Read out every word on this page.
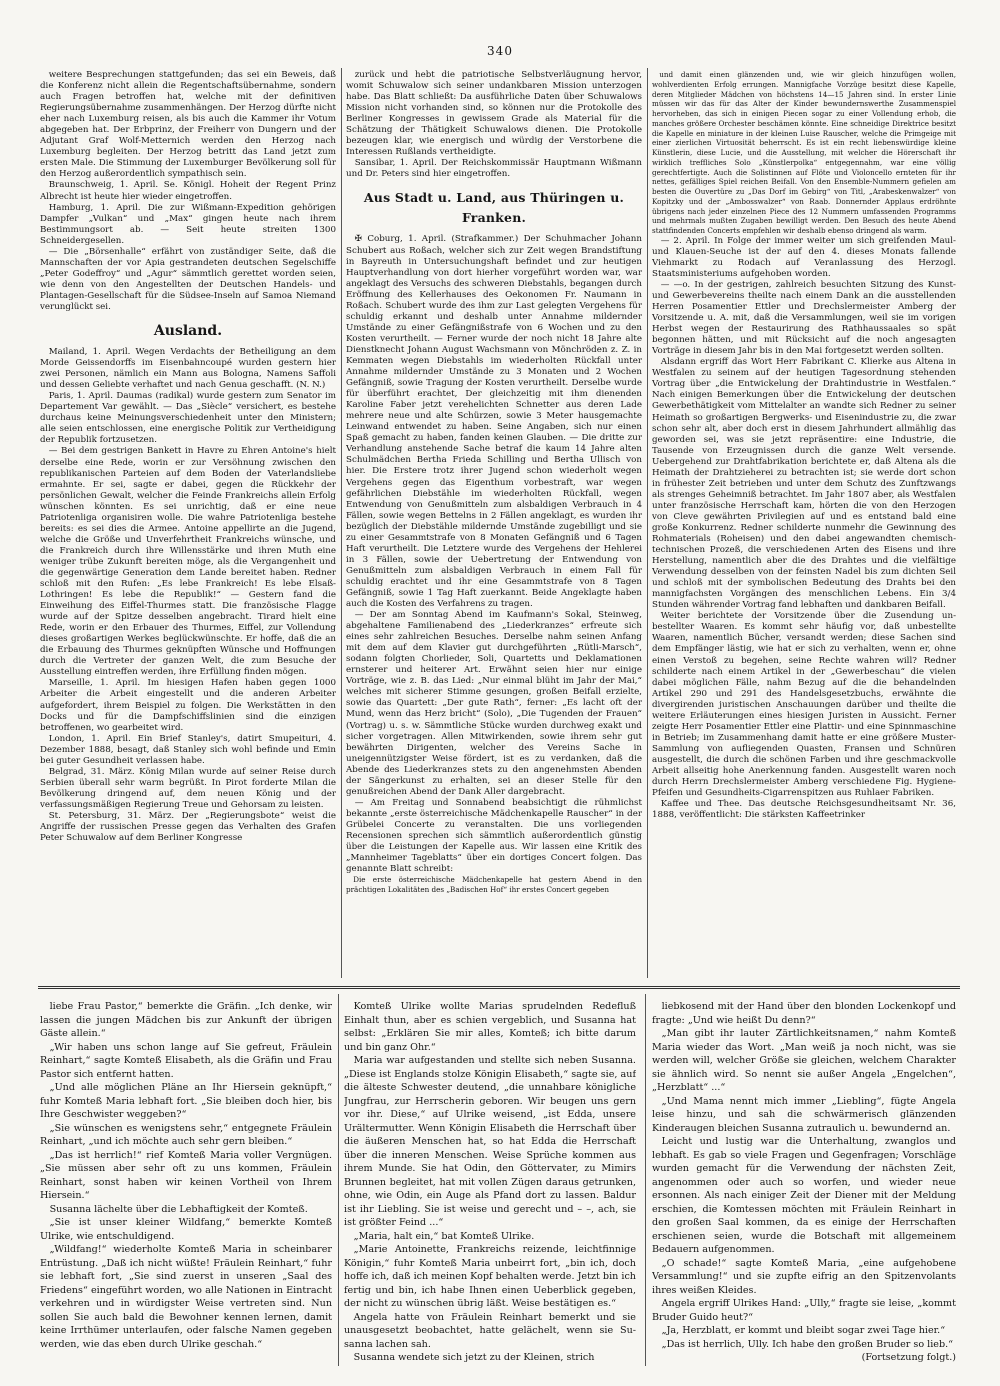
340

weitere Besprechungen stattgefunden; das sei ein Beweis, daß die Konferenz nicht allein die Regentschaftsübernahme, sondern auch Fragen betroffen hat, welche mit der definitiven Regierungsübernahme zusammenhängen. Der Herzog dürfte nicht eher nach Luxemburg reisen, als bis auch die Kammer ihr Votum abgegeben hat. Der Erbprinz, der Freiherr von Dungern und der Adjutant Graf Wolf-Metternich werden den Herzog nach Luxemburg begleiten. Der Herzog betritt das Land jetzt zum ersten Male. Die Stimmung der Luxemburger Bevölkerung soll für den Herzog außerordentlich sympathisch sein.

Braunschweig, 1. April. Se. Königl. Hoheit der Regent Prinz Albrecht ist heute hier wieder eingetroffen.

Hamburg, 1. April. Die zur Wißmann-Expedition gehörigen Dampfer „Vulkan“ und „Max“ gingen heute nach ihrem Bestimmungsort ab. — Seit heute streiten 1300 Schneidergesellen.

— Die „Börsenhalle“ erfährt von zuständiger Seite, daß die Mannschaften der vor Apia gestrandeten deutschen Segelschiffe „Peter Godeffroy“ und „Agur“ sämmtlich gerettet worden seien, wie denn von den Angestellten der Deutschen Handels- und Plantagen-Gesellschaft für die Südsee-Inseln auf Samoa Niemand verunglückt sei.

Ausland.

Mailand, 1. April. Wegen Verdachts der Betheiligung an dem Morde Geissendorffs im Eisenbahncoupé wurden gestern hier zwei Personen, nämlich ein Mann aus Bologna, Namens Saffoli und dessen Geliebte verhaftet und nach Genua geschafft. (N. N.)

Paris, 1. April. Daumas (radikal) wurde gestern zum Senator im Departement Var gewählt. — Das „Siècle“ versichert, es bestehe durchaus keine Meinungsverschiedenheit unter den Ministern; alle seien entschlossen, eine energische Politik zur Vertheidigung der Republik fortzusetzen.

— Bei dem gestrigen Bankett in Havre zu Ehren Antoine's hielt derselbe eine Rede, worin er zur Versöhnung zwischen den republikanischen Parteien auf dem Boden der Vaterlandsliebe ermahnte. Er sei, sagte er dabei, gegen die Rückkehr der persönlichen Gewalt, welcher die Feinde Frankreichs allein Erfolg wünschen könnten. Es sei unrichtig, daß er eine neue Patriotenliga organisiren wolle. Die wahre Patriotenliga bestehe bereits: es sei dies die Armee. Antoine appellirte an die Jugend, welche die Größe und Unverfehrtheit Frankreichs wünsche, und die Frankreich durch ihre Willensstärke und ihren Muth eine weniger trübe Zukunft bereiten möge, als die Vergangenheit und die gegenwärtige Generation dem Lande bereitet haben. Redner schloß mit den Rufen: „Es lebe Frankreich! Es lebe Elsaß-Lothringen! Es lebe die Republik!“ — Gestern fand die Einweihung des Eiffel-Thurmes statt. Die französische Flagge wurde auf der Spitze desselben angebracht. Tirard hielt eine Rede, worin er den Erbauer des Thurmes, Eiffel, zur Vollendung dieses großartigen Werkes beglückwünschte. Er hoffe, daß die an die Erbauung des Thurmes geknüpften Wünsche und Hoffnungen durch die Vertreter der ganzen Welt, die zum Besuche der Ausstellung eintreffen werden, ihre Erfüllung finden mögen.

Marseille, 1. April. Im hiesigen Hafen haben gegen 1000 Arbeiter die Arbeit eingestellt und die anderen Arbeiter aufgefordert, ihrem Beispiel zu folgen. Die Werkstätten in den Docks und für die Dampfschiffslinien sind die einzigen betroffenen, wo gearbeitet wird.

London, 1. April. Ein Brief Stanley's, datirt Smupeituri, 4. Dezember 1888, besagt, daß Stanley sich wohl befinde und Emin bei guter Gesundheit verlassen habe.

Belgrad, 31. März. König Milan wurde auf seiner Reise durch Serbien überall sehr warm begrüßt. In Pirot forderte Milan die Bevölkerung dringend auf, dem neuen König und der verfassungsmäßigen Regierung Treue und Gehorsam zu leisten.

St. Petersburg, 31. März. Der „Regierungsbote“ weist die Angriffe der russischen Presse gegen das Verhalten des Grafen Peter Schuwalow auf dem Berliner Kongresse

zurück und hebt die patriotische Selbstverläugnung hervor, womit Schuwalow sich seiner undankbaren Mission unterzogen habe. Das Blatt schließt: Da ausführliche Daten über Schuwalows Mission nicht vorhanden sind, so können nur die Protokolle des Berliner Kongresses in gewissem Grade als Material für die Schätzung der Thätigkeit Schuwalows dienen. Die Protokolle bezeugen klar, wie energisch und würdig der Verstorbene die Interessen Rußlands vertheidigte.

Sansibar, 1. April. Der Reichskommissär Hauptmann Wißmann und Dr. Peters sind hier eingetroffen.

Aus Stadt u. Land, aus Thüringen u. Franken.

✠ Coburg, 1. April. (Strafkammer.) Der Schuhmacher Johann Schubert aus Roßach, welcher sich zur Zeit wegen Brandstiftung in Bayreuth in Untersuchungshaft befindet und zur heutigen Hauptverhandlung von dort hierher vorgeführt worden war, war angeklagt des Versuchs des schweren Diebstahls, begangen durch Eröffnung des Kellerhauses des Oekonomen Fr. Naumann in Roßach. Schubert wurde des ihm zur Last gelegten Vergehens für schuldig erkannt und deshalb unter Annahme mildernder Umstände zu einer Gefängnißstrafe von 6 Wochen und zu den Kosten verurtheilt. — Ferner wurde der noch nicht 18 Jahre alte Dienstknecht Johann August Wachsmann von Mönchröden z. Z. in Kemmaten wegen Diebstahls im wiederholten Rückfall unter Annahme mildernder Umstände zu 3 Monaten und 2 Wochen Gefängniß, sowie Tragung der Kosten verurtheilt. Derselbe wurde für überführt erachtet, Der gleichzeitig mit ihm dienenden Karoline Faber jetzt verehelichten Schnetter aus deren Lade mehrere neue und alte Schürzen, sowie 3 Meter hausgemachte Leinwand entwendet zu haben. Seine Angaben, sich nur einen Spaß gemacht zu haben, fanden keinen Glauben. — Die dritte zur Verhandlung anstehende Sache betraf die kaum 14 Jahre alten Schulmädchen Bertha Frieda Schilling und Bertha Ullisch von hier. Die Erstere trotz ihrer Jugend schon wiederholt wegen Vergehens gegen das Eigenthum vorbestraft, war wegen gefährlichen Diebstähle im wiederholten Rückfall, wegen Entwendung von Genußmitteln zum alsbaldigen Verbrauch in 4 Fällen, sowie wegen Bettelns in 2 Fällen angeklagt, es wurden ihr bezüglich der Diebstähle mildernde Umstände zugebilligt und sie zu einer Gesammtstrafe von 8 Monaten Gefängniß und 6 Tagen Haft verurtheilt. Die Letztere wurde des Vergehens der Hehlerei in 3 Fällen, sowie der Uebertretung der Entwendung von Genußmitteln zum alsbaldigen Verbrauch in einem Fall für schuldig erachtet und ihr eine Gesammtstrafe von 8 Tagen Gefängniß, sowie 1 Tag Haft zuerkannt. Beide Angeklagte haben auch die Kosten des Verfahrens zu tragen.

— Der am Sonntag Abend im Kaufmann's Sokal, Steinweg, abgehaltene Familienabend des „Liederkranzes“ erfreute sich eines sehr zahlreichen Besuches. Derselbe nahm seinen Anfang mit dem auf dem Klavier gut durchgeführten „Rütli-Marsch“, sodann folgten Chorlieder, Soli, Quartetts und Deklamationen ernsterer und heiterer Art. Erwähnt seien hier nur einige Vorträge, wie z. B. das Lied: „Nur einmal blüht im Jahr der Mai,“ welches mit sicherer Stimme gesungen, großen Beifall erzielte, sowie das Quartett: „Der gute Rath“, ferner: „Es lacht oft der Mund, wenn das Herz bricht“ (Solo), „Die Tugenden der Frauen“ (Vortrag) u. s. w. Sämmtliche Stücke wurden durchweg exakt und sicher vorgetragen. Allen Mitwirkenden, sowie ihrem sehr gut bewährten Dirigenten, welcher des Vereins Sache in uneigennützigster Weise fördert, ist es zu verdanken, daß die Abende des Liederkranzes stets zu den angenehmsten Abenden der Sängerkunst zu erhalten, sei an dieser Stelle für den genußreichen Abend der Dank Aller dargebracht.

— Am Freitag und Sonnabend beabsichtigt die rühmlichst bekannte „erste österreichische Mädchenkapelle Rauscher“ in der Grübelei Concerte zu veranstalten. Die uns vorliegenden Recensionen sprechen sich sämmtlich außerordentlich günstig über die Leistungen der Kapelle aus. Wir lassen eine Kritik des „Mannheimer Tageblatts“ über ein dortiges Concert folgen. Das genannte Blatt schreibt:

Die erste österreichische Mädchenkapelle hat gestern Abend in den prächtigen Lokalitäten des „Badischen Hof“ ihr erstes Concert gegeben

und damit einen glänzenden und, wie wir gleich hinzufügen wollen, wohlverdienten Erfolg errungen. Mannigfache Vorzüge besitzt diese Kapelle, deren Mitglieder Mädchen von höchstens 14—15 Jahren sind. In erster Linie müssen wir das für das Alter der Kinder bewundernswerthe Zusammenspiel hervorheben, das sich in einigen Piecen sogar zu einer Vollendung erhob, die manches größere Orchester beschämen könnte. Eine schneidige Direktrice besitzt die Kapelle en miniature in der kleinen Luise Rauscher, welche die Primgeige mit einer zierlichen Virtuosität beherrscht. Es ist ein recht liebenswürdige kleine Künstlerin, diese Lucie, und die Ausstellung, mit welcher die Hörerschaft ihr wirklich treffliches Solo „Künstlerpolka“ entgegennahm, war eine völlig gerechtfertigte. Auch die Solistinnen auf Flöte und Violoncello ernteten für ihr nettes, gefälliges Spiel reichen Beifall. Von den Ensemble-Nummern gefielen am besten die Ouvertüre zu „Das Dorf im Gebirg“ von Titl, „Arabeskenwalzer“ von Kopitzky und der „Ambosswalzer“ von Raab. Donnernder Applaus erdröhnte übrigens nach jeder einzelnen Piece des 12 Nummern umfassenden Programms und mehrmals mußten Zugaben bewilligt werden. Den Besuch des heute Abend stattfindenden Concerts empfehlen wir deshalb ebenso dringend als warm.

— 2. April. In Folge der immer weiter um sich greifenden Maul- und Klauen-Seuche ist der auf den 4. dieses Monats fallende Viehmarkt zu Rodach auf Veranlassung des Herzogl. Staatsministeriums aufgehoben worden.

— —o. In der gestrigen, zahlreich besuchten Sitzung des Kunst- und Gewerbevereins theilte nach einem Dank an die ausstellenden Herren Posamentier Ettler und Drechslermeister Amberg der Vorsitzende u. A. mit, daß die Versammlungen, weil sie im vorigen Herbst wegen der Restaurirung des Rathhaussaales so spät begonnen hätten, und mit Rücksicht auf die noch angesagten Vorträge in diesem Jahr bis in den Mai fortgesetzt werden sollten.

Alsdann ergriff das Wort Herr Fabrikant C. Klierke aus Altena in Westfalen zu seinem auf der heutigen Tagesordnung stehenden Vortrag über „die Entwickelung der Drahtindustrie in Westfalen.“ Nach einigen Bemerkungen über die Entwickelung der deutschen Gewerbethätigkeit vom Mittelalter an wandte sich Redner zu seiner Heimath so großartigen Bergwerks- und Eisenindustrie zu, die zwar schon sehr alt, aber doch erst in diesem Jahrhundert allmählig das geworden sei, was sie jetzt repräsentire: eine Industrie, die Tausende von Erzeugnissen durch die ganze Welt versende. Uebergehend zur Drahtfabrikation berichtete er, daß Altena als die Heimath der Drahtzieherei zu betrachten ist; sie werde dort schon in frühester Zeit betrieben und unter dem Schutz des Zunftzwangs als strenges Geheimniß betrachtet. Im Jahr 1807 aber, als Westfalen unter französische Herrschaft kam, hörten die von den Herzogen von Cleve gewährten Privilegien auf und es entstand bald eine große Konkurrenz. Redner schilderte nunmehr die Gewinnung des Rohmaterials (Roheisen) und den dabei angewandten chemisch-technischen Prozeß, die verschiedenen Arten des Eisens und ihre Herstellung, namentlich aber die des Drahtes und die vielfältige Verwendung desselben von der feinsten Nadel bis zum dichten Seil und schloß mit der symbolischen Bedeutung des Drahts bei den mannigfachsten Vorgängen des menschlichen Lebens. Ein 3/4 Stunden währender Vortrag fand lebhaften und dankbaren Beifall.

Weiter berichtete der Vorsitzende über die Zusendung unbestellter Waaren. Es kommt sehr häufig vor, daß unbestellte Waaren, namentlich Bücher, versandt werden; diese Sachen sind dem Empfänger lästig, wie hat er sich zu verhalten, wenn er, ohne einen Verstoß zu begehen, seine Rechte wahren will? Redner schilderte nach einem Artikel in der „Gewerbeschau“ die vielen dabei möglichen Fälle, nahm Bezug auf die die behandelnden Artikel 290 und 291 des Handelsgesetzbuchs, erwähnte die divergirenden juristischen Anschauungen darüber und theilte die weitere Erläuterungen eines hiesigen Juristen in Aussicht. Ferner zeigte Herr Posamentier Ettler eine Plattir- und eine Spinnmaschine in Betrieb; im Zusammenhang damit hatte er eine größere Muster-Sammlung von aufliegenden Quasten, Fransen und Schnüren ausgestellt, die durch die schönen Farben und ihre geschmackvolle Arbeit allseitig hohe Anerkennung fanden. Ausgestellt waren noch durch Herrn Drechslermeister Amberg verschiedene Fig. Hygiene-Pfeifen und Gesundheits-Cigarrenspitzen aus Ruhlaer Fabriken.

Kaffee und Thee. Das deutsche Reichsgesundheitsamt Nr. 36, 1888, veröffentlicht: Die stärksten Kaffeetrinker

liebe Frau Pastor,“ bemerkte die Gräfin. „Ich denke, wir lassen die jungen Mädchen bis zur Ankunft der übrigen Gäste allein.“

„Wir haben uns schon lange auf Sie gefreut, Fräulein Reinhart,“ sagte Komteß Elisabeth, als die Gräfin und Frau Pastor sich entfernt hatten.

„Und alle möglichen Pläne an Ihr Hiersein geknüpft,“ fuhr Komteß Maria lebhaft fort. „Sie bleiben doch hier, bis Ihre Geschwister weggeben?“

„Sie wünschen es wenigstens sehr,“ entgegnete Fräulein Reinhart, „und ich möchte auch sehr gern bleiben.“

„Das ist herrlich!“ rief Komteß Maria voller Vergnügen. „Sie müssen aber sehr oft zu uns kommen, Fräulein Reinhart, sonst haben wir keinen Vortheil von Ihrem Hiersein.“

Susanna lächelte über die Lebhaftigkeit der Komteß.

„Sie ist unser kleiner Wildfang,“ bemerkte Komteß Ulrike, wie entschuldigend.

„Wildfang!“ wiederholte Komteß Maria in scheinbarer Entrüstung. „Daß ich nicht wüßte! Fräulein Reinhart,“ fuhr sie lebhaft fort, „Sie sind zuerst in unseren „Saal des Friedens“ eingeführt worden, wo alle Nationen in Eintracht verkehren und in würdigster Weise vertreten sind. Nun sollen Sie auch bald die Bewohner kennen lernen, damit keine Irrthümer unterlaufen, oder falsche Namen gegeben werden, wie das eben durch Ulrike geschah.“

Komteß Ulrike wollte Marias sprudelnden Redefluß Einhalt thun, aber es schien vergeblich, und Susanna hat selbst: „Erklären Sie mir alles, Komteß; ich bitte darum und bin ganz Ohr.“

Maria war aufgestanden und stellte sich neben Susanna. „Diese ist Englands stolze Königin Elisabeth,“ sagte sie, auf die älteste Schwester deutend, „die unnahbare königliche Jungfrau, zur Herrscherin geboren. Wir beugen uns gern vor ihr. Diese,“ auf Ulrike weisend, „ist Edda, unsere Urältermutter. Wenn Königin Elisabeth die Herrschaft über die äußeren Menschen hat, so hat Edda die Herrschaft über die inneren Menschen. Weise Sprüche kommen aus ihrem Munde. Sie hat Odin, den Göttervater, zu Mimirs Brunnen begleitet, hat mit vollen Zügen daraus getrunken, ohne, wie Odin, ein Auge als Pfand dort zu lassen. Baldur ist ihr Liebling. Sie ist weise und gerecht und – –, ach, sie ist größter Feind ...“

„Maria, halt ein,“ bat Komteß Ulrike.

„Marie Antoinette, Frankreichs reizende, leichtfinnige Königin,“ fuhr Komteß Maria unbeirrt fort, „bin ich, doch hoffe ich, daß ich meinen Kopf behalten werde. Jetzt bin ich fertig und bin, ich habe Ihnen einen Ueberblick gegeben, der nicht zu wünschen übrig läßt. Weise bestätigen es.“

Angela hatte von Fräulein Reinhart bemerkt und sie unausgesetzt beobachtet, hatte gelächelt, wenn sie Susanna lachen sah.

Susanna wendete sich jetzt zu der Kleinen, strich

liebkosend mit der Hand über den blonden Lockenkopf und fragte: „Und wie heißt Du denn?“

„Man gibt ihr lauter Zärtlichkeitsnamen,“ nahm Komteß Maria wieder das Wort. „Man weiß ja noch nicht, was sie werden will, welcher Größe sie gleichen, welchem Charakter sie ähnlich wird. So nennt sie außer Angela „Engelchen“, „Herzblatt“ ...“

„Und Mama nennt mich immer „Liebling“, fügte Angela leise hinzu, und sah die schwärmerisch glänzenden Kinderaugen bleichen Susanna zutraulich u. bewundernd an.

Leicht und lustig war die Unterhaltung, zwanglos und lebhaft. Es gab so viele Fragen und Gegenfragen; Vorschläge wurden gemacht für die Verwendung der nächsten Zeit, angenommen oder auch so worfen, und wieder neue ersonnen. Als nach einiger Zeit der Diener mit der Meldung erschien, die Komtessen möchten mit Fräulein Reinhart in den großen Saal kommen, da es einige der Herrschaften erschienen seien, wurde die Botschaft mit allgemeinem Bedauern aufgenommen.

„O schade!“ sagte Komteß Maria, „eine aufgehobene Versammlung!“ und sie zupfte eifrig an den Spitzenvolants ihres weißen Kleides.

Angela ergriff Ulrikes Hand: „Ully,“ fragte sie leise, „kommt Bruder Guido heut?“

„Ja, Herzblatt, er kommt und bleibt sogar zwei Tage hier.“

„Das ist herrlich, Ully. Ich habe den großen Bruder so lieb.“

(Fortsetzung folgt.)
